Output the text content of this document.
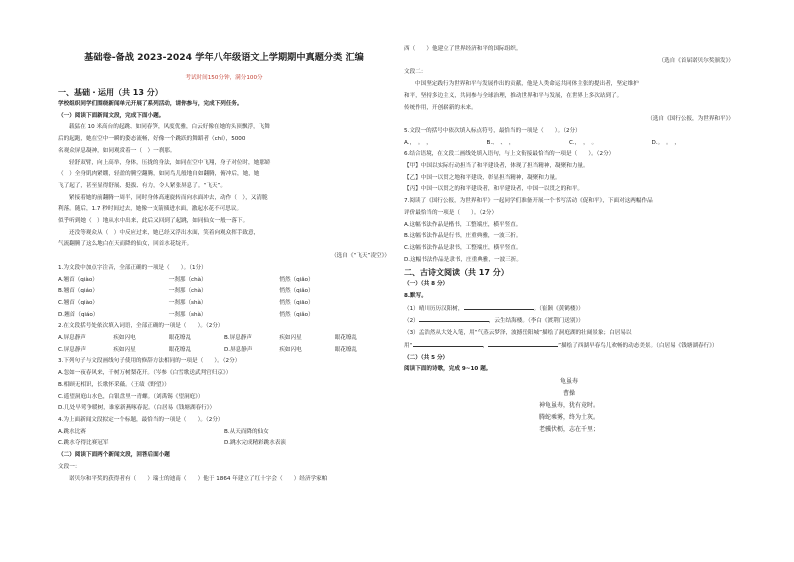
基础卷-备战 2023-2024 学年八年级语文上学期期中真题分类 汇编
考试时间150分钟，满分100分
一、基础・运用（共 13 分）
学校组织同学们围绕新闻单元开展了系列活动，请你参与，完成下列任务。
（一）阅读下面新闻文段，完成下面小题。
载猛在 10 米高台的起跳、如同春笋，风度优雅，白云好像在她的头顶飘浮，飞舞
后的起跑，她在空中一瞬的姿态流畅，好像一个跳跃的舞蹈者（chí），5000
名观众屏息凝神，如同观赏着一（　）一刹那。
轻舒双臂，向上高举，身体，压拢的身法，如同在空中飞翔，身子对位时，她那娇
（　）全身肌肉紧绷，轻盈的腾空翻腾，如同鸟儿般地自如翻腾，俯冲后，她，她
飞了起了，甚至显得舒展、挺拔、有力，令人紧张屏息了。“飞天”。
紧接着她的前翻腾一周半，同时身体高速旋转而向水面冲去，动作（　），又清脆
利落。随后，1.7 秒时间过去，她像一支箭插进水面，激起水花不可思议。
似乎听到她（　）地从水中出来，此后又回到了起跳，如同仙女一般一落下。
还没等观众从（　）中反应过来，她已经又浮出水面，笑着向观众挥手致意，
气流翻腾了这么地白在天而降的仙女，回首水花绽开。
（选自《“飞天”凌空》）
1.为文段中加点字注音，全部正确的一项是（　　）。（1分）
A.翘首（qiào）	一刹那（chà）	悄然（qiǎo）
B.翘首（qiáo）	一刹那（chà）	悄然（qiǎo）
C.翘首（qiào）	一刹那（shà）	悄然（qiāo）
D.翘首（qiáo）	一刹那（shà）	悄然（qiǎo）
2.在文段括号处依次填入词语，全部正确的一项是（　　）。（2分）
A.屏息静声	疾如闪电	眼花缭乱	B.屏息静声	疾如闪星	眼花缭乱
C.屏息静声	疾如闪星	眼花缭乱	D.屏息静声	疾如闪电	眼花缭乱
3.下列句子与文段画线句子使用的修辞方法相同的一项是（　　）。（2分）
A.忽如一夜春风来，千树万树梨花开。（岑参《白雪歌送武判官归京》）
B.相顾无相识，长歌怀采薇。（王绩《野望》）
C.遥望洞庭山水色，白银盘里一青螺。（刘禹锡《望洞庭》）
D.几处早莺争暖树，谁家新燕啄春泥。（白居易《钱塘湖春行》）
4.为上面新闻文段拟定一个标题，最恰当的一项是（　　）。（2分）
A.跳水比赛	B.从天而降的仙女
C.跳水夺得比赛冠军	D.跳水完成精彩跳水表演
（二）阅读下面两个新闻文段，回答后面小题
文段一：
诺贝尔和平奖的获得者有（　　）瑞士的迪南（　　）他于 1864 年建立了红十字会（　　）经济学家帕
西（　　）他建立了世界经济和平的国际组织。
（选自《首届诺贝尔奖颁发》）
文段二：
中国坚定践行为世界和平与发展作出的贡献，他是人类命运共同体主张的提出者，坚定维护
和平，坚持多边主义，共同参与全球治理，推动世界和平与发展，在世界上多次站到了。
传统作用，开创崭新的未来。
（选自《国行公报，为世界和平》）
5.文段一的括号中依次填入标点符号，最恰当的一项是（　　）。（2分）
A.，　。　，	B.、　、　，	C.，　，　。	D.。　。　，
6.结合语境，在文段二画线处填入语句，与上文衔接最恰当的一项是（　　）。（2分）
【甲】中国以实际行动担当了和平建设者，体现了担当精神，凝聚和力量。
【乙】中国一以贯之地和平建设，彰显担当精神，凝聚和力量。
【丙】中国一以贯之的和平建设者，和平建设者，中国一以贯之的和平。
7.阅读了《国行公报，为世界和平》一起同学们准备开展一个书写活动《促和平》，下面对这两幅作品
评价最恰当的一项是（　　）。（2分）
A.这幅书法作品是楷书，工整端庄，横平竖直。
B.这幅书法作品是行书，庄重典雅，一波三折。
C.这幅书法作品是隶书，工整端庄，横平竖直。
D.这幅书法作品是隶书，庄重典雅，一波三折。
二、古诗文阅读（共 17 分）
（一）（共 8 分）
8.默写。
（1）晴川历历汉阳树，	。（崔颢《黄鹤楼》）
（2）	，云生结海楼。（李白《渡荆门送别》）
（3）孟浩然从大处入笔，用“气蒸云梦泽，波撼岳阳城”描绘了洞庭湖的壮阔景象；白居易以
用“	，	”描绘了西湖早春鸟儿欢畅的动态美景。（白居易《钱塘湖春行》）
（二）（共 5 分）
阅读下面的诗歌，完成 9~10 题。
龟虽寿
曹操
神龟虽寿，犹有竟时。
腾蛇乘雾，终为土灰。
老骥伏枥，志在千里；
